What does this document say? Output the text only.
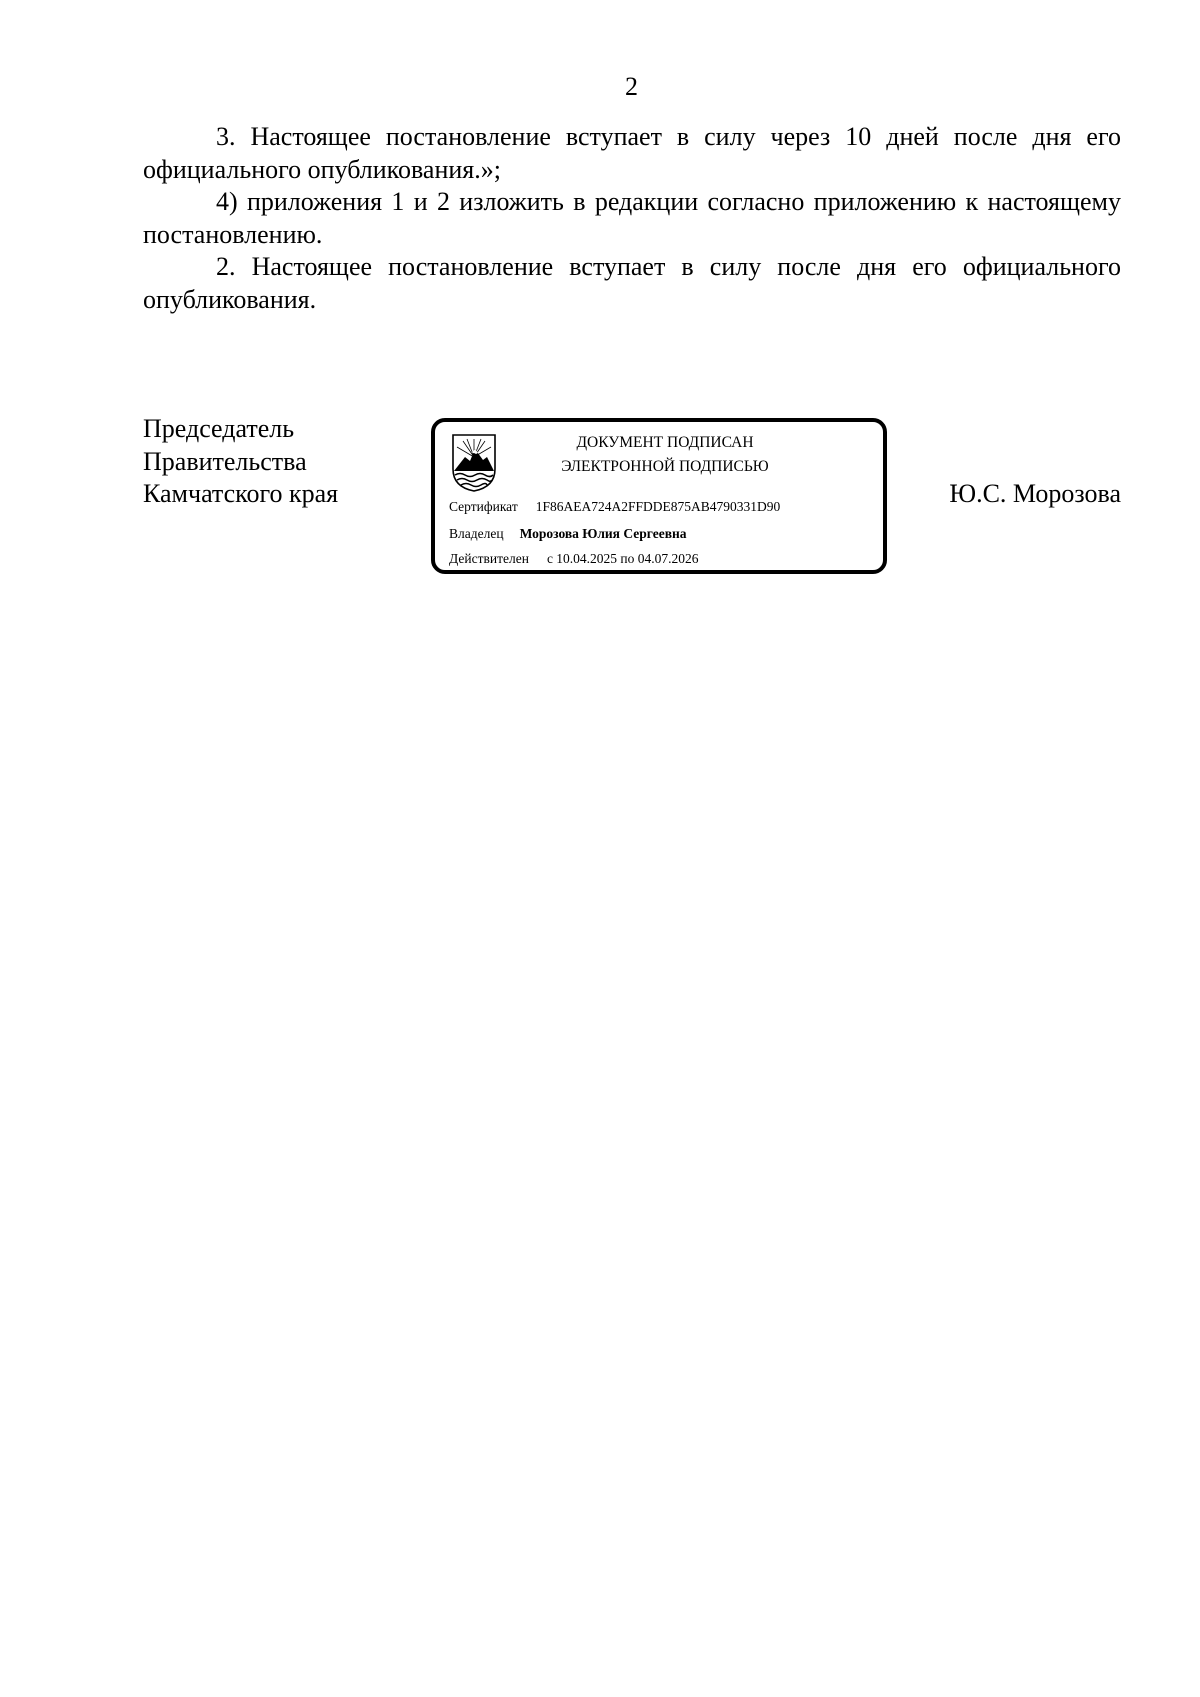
2

3. Настоящее постановление вступает в силу через 10 дней после дня его официального опубликования.»;

4) приложения 1 и 2 изложить в редакции согласно приложению к настоящему постановлению.

2. Настоящее постановление вступает в силу после дня его официального опубликования.

Председатель
Правительства
Камчатского края
ДОКУМЕНТ ПОДПИСАН
ЭЛЕКТРОННОЙ ПОДПИСЬЮ
Сертификат 1F86AEA724A2FFDDE875AB4790331D90
Владелец Морозова Юлия Сергеевна
Действителен с 10.04.2025 по 04.07.2026
Ю.С. Морозова
